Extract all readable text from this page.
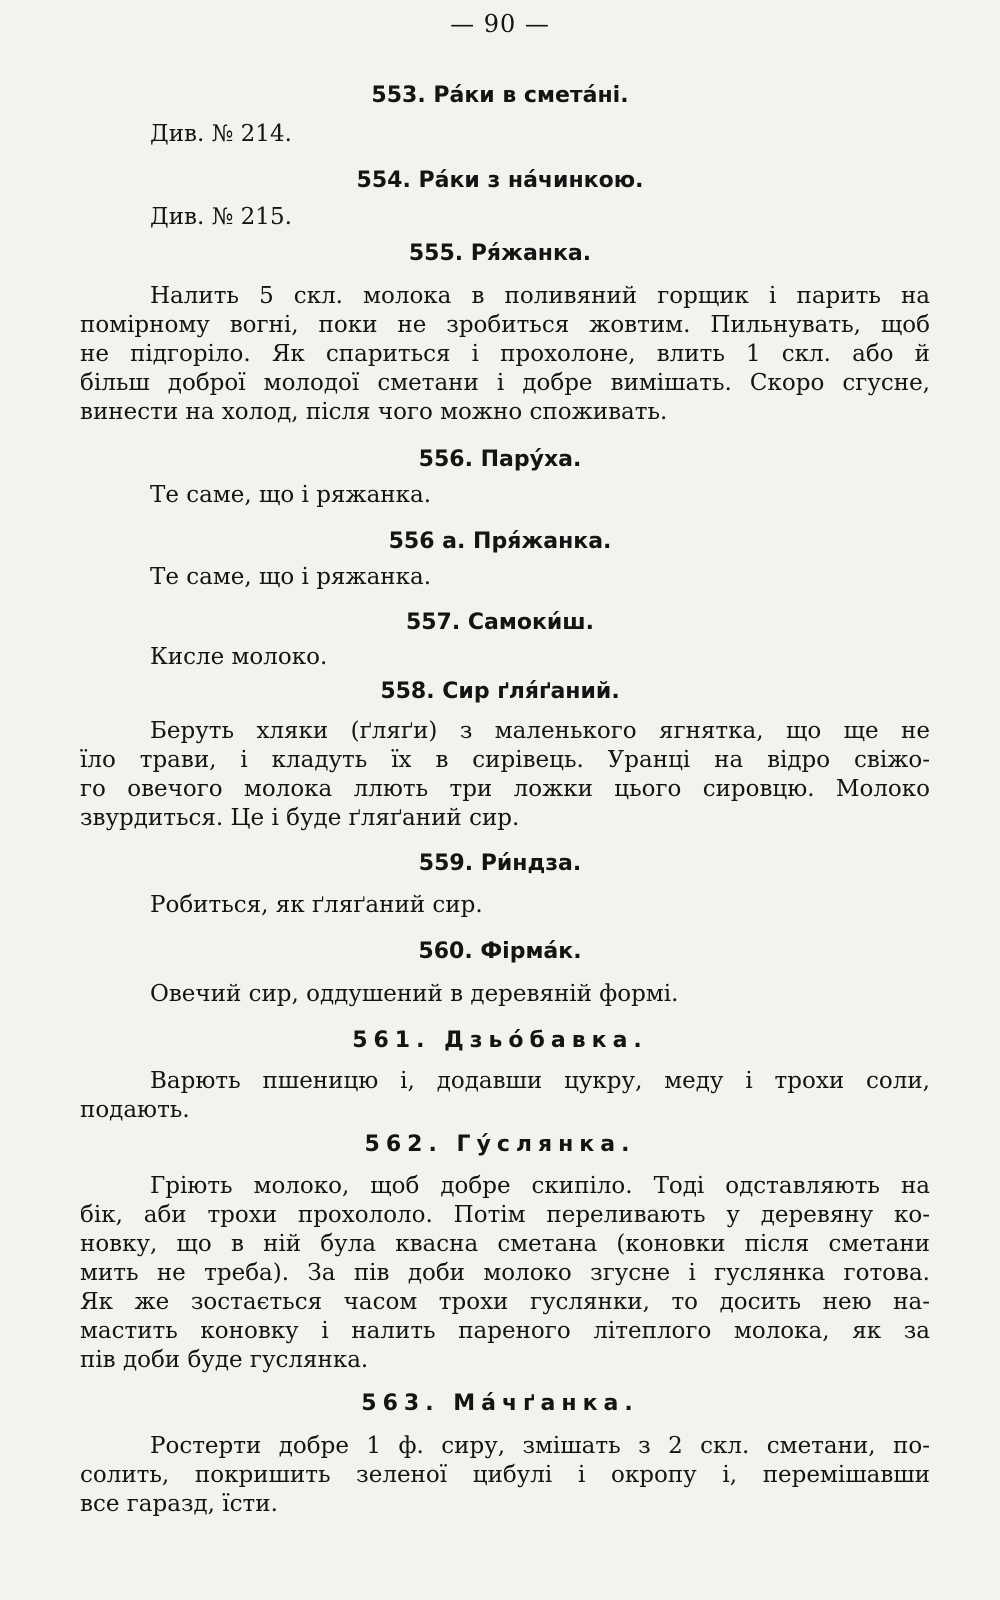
— 90 —
553. Ра́ки в смета́ні.
Див. № 214.
554. Ра́ки з на́чинкою.
Див. № 215.
555. Ря́жанка.
Налить 5 скл. молока в поливяний горщик і парить на
помірному вогні, поки не зробиться жовтим. Пильнувать, щоб
не підгоріло. Як спариться і прохолоне, влить 1 скл. або й
більш доброї молодої сметани і добре вимішать. Скоро сгусне,
винести на холод, після чого можно споживать.
556. Пару́ха.
Те саме, що і ряжанка.
556 а. Пря́жанка.
Те саме, що і ряжанка.
557. Самоки́ш.
Кисле молоко.
558. Сир ґля́ґаний.
Беруть хляки (ґляґи) з маленького ягнятка, що ще не
їло трави, і кладуть їх в сирівець. Уранці на відро свіжо-
го овечого молока ллють три ложки цього сировцю. Молоко
звурдиться. Це і буде ґляґаний сир.
559. Ри́ндза.
Робиться, як ґляґаний сир.
560. Фірма́к.
Овечий сир, оддушений в деревяній формі.
561. Дзьо́бавка.
Варють пшеницю і, додавши цукру, меду і трохи соли,
подають.
562. Гу́слянка.
Гріють молоко, щоб добре скипіло. Тоді одставляють на
бік, аби трохи прохололо. Потім переливають у деревяну ко-
новку, що в ній була квасна сметана (коновки після сметани
мить не треба). За пів доби молоко згусне і гуслянка готова.
Як же зостається часом трохи гуслянки, то досить нею на-
мастить коновку і налить пареного літеплого молока, як за
пів доби буде гуслянка.
563. Ма́чґанка.
Ростерти добре 1 ф. сиру, змішать з 2 скл. сметани, по-
солить, покришить зеленої цибулі і окропу і, перемішавши
все гаразд, їсти.
